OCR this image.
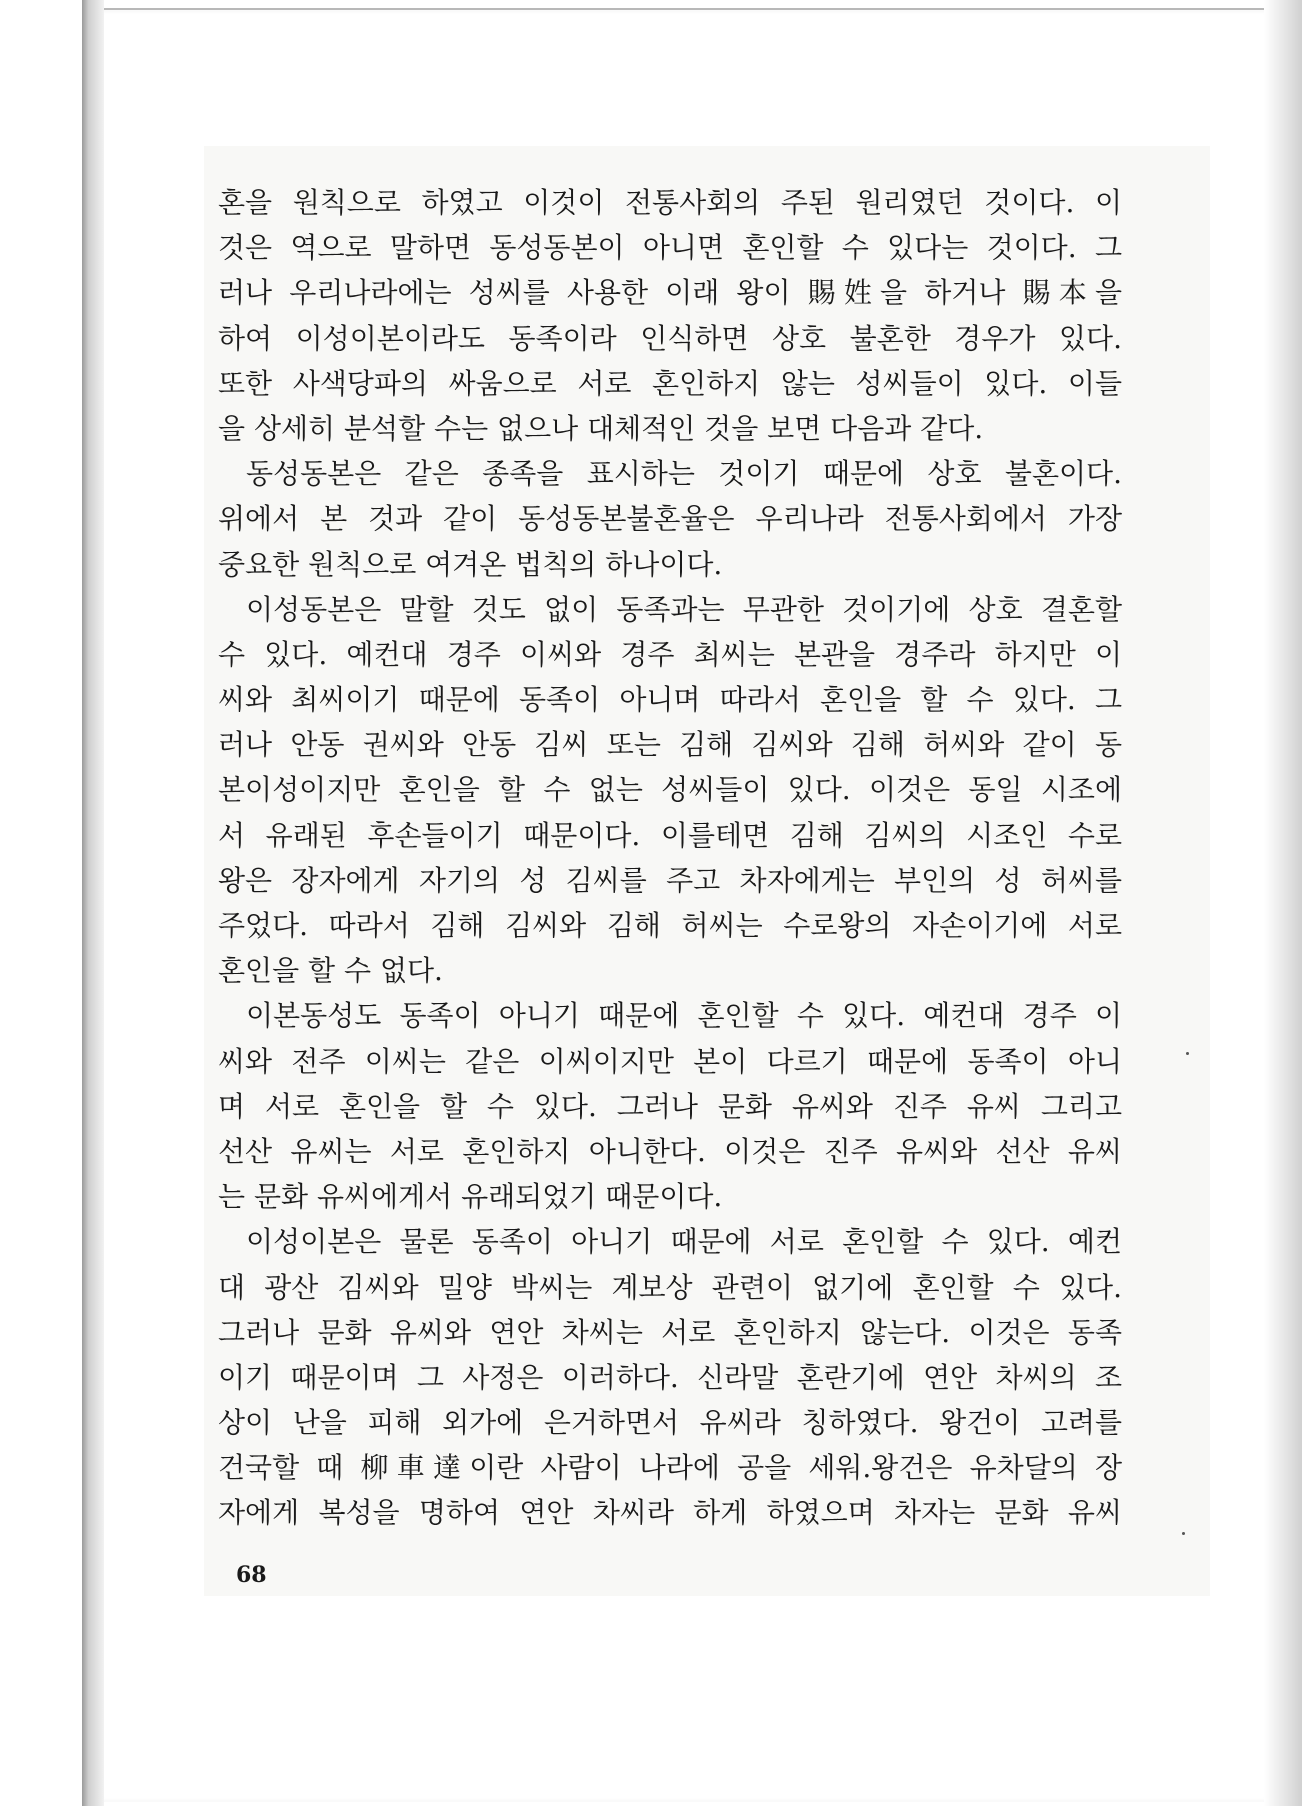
혼을 원칙으로 하였고 이것이 전통사회의 주된 원리였던 것이다. 이
것은 역으로 말하면 동성동본이 아니면 혼인할 수 있다는 것이다. 그
러나 우리나라에는 성씨를 사용한 이래 왕이 賜姓을 하거나 賜本을
하여 이성이본이라도 동족이라 인식하면 상호 불혼한 경우가 있다.
또한 사색당파의 싸움으로 서로 혼인하지 않는 성씨들이 있다. 이들
을 상세히 분석할 수는 없으나 대체적인 것을 보면 다음과 같다.
동성동본은 같은 종족을 표시하는 것이기 때문에 상호 불혼이다.
위에서 본 것과 같이 동성동본불혼율은 우리나라 전통사회에서 가장
중요한 원칙으로 여겨온 법칙의 하나이다.
이성동본은 말할 것도 없이 동족과는 무관한 것이기에 상호 결혼할
수 있다. 예컨대 경주 이씨와 경주 최씨는 본관을 경주라 하지만 이
씨와 최씨이기 때문에 동족이 아니며 따라서 혼인을 할 수 있다. 그
러나 안동 권씨와 안동 김씨 또는 김해 김씨와 김해 허씨와 같이 동
본이성이지만 혼인을 할 수 없는 성씨들이 있다. 이것은 동일 시조에
서 유래된 후손들이기 때문이다. 이를테면 김해 김씨의 시조인 수로
왕은 장자에게 자기의 성 김씨를 주고 차자에게는 부인의 성 허씨를
주었다. 따라서 김해 김씨와 김해 허씨는 수로왕의 자손이기에 서로
혼인을 할 수 없다.
이본동성도 동족이 아니기 때문에 혼인할 수 있다. 예컨대 경주 이
씨와 전주 이씨는 같은 이씨이지만 본이 다르기 때문에 동족이 아니
며 서로 혼인을 할 수 있다. 그러나 문화 유씨와 진주 유씨 그리고
선산 유씨는 서로 혼인하지 아니한다. 이것은 진주 유씨와 선산 유씨
는 문화 유씨에게서 유래되었기 때문이다.
이성이본은 물론 동족이 아니기 때문에 서로 혼인할 수 있다. 예컨
대 광산 김씨와 밀양 박씨는 계보상 관련이 없기에 혼인할 수 있다.
그러나 문화 유씨와 연안 차씨는 서로 혼인하지 않는다. 이것은 동족
이기 때문이며 그 사정은 이러하다. 신라말 혼란기에 연안 차씨의 조
상이 난을 피해 외가에 은거하면서 유씨라 칭하였다. 왕건이 고려를
건국할 때 柳車達이란 사람이 나라에 공을 세워.왕건은 유차달의 장
자에게 복성을 명하여 연안 차씨라 하게 하였으며 차자는 문화 유씨
68
